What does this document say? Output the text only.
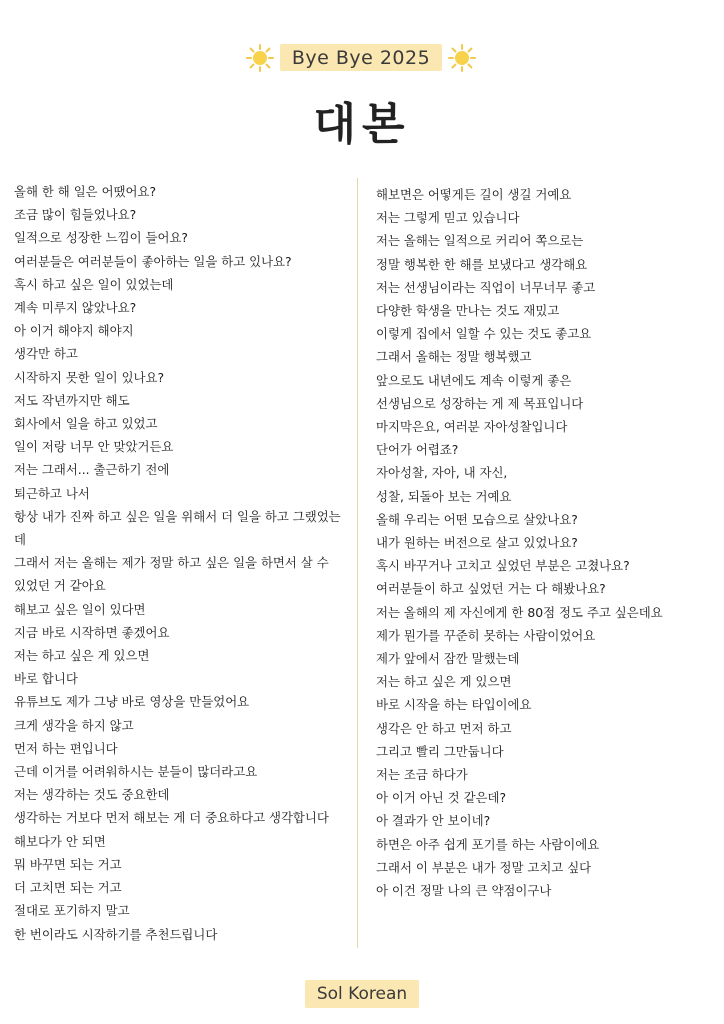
Bye Bye 2025
대본
올해 한 해 일은 어땠어요?
조금 많이 힘들었나요?
일적으로 성장한 느낌이 들어요?
여러분들은 여러분들이 좋아하는 일을 하고 있나요?
혹시 하고 싶은 일이 있었는데
계속 미루지 않았나요?
아 이거 해야지 해야지
생각만 하고
시작하지 못한 일이 있나요?
저도 작년까지만 해도
회사에서 일을 하고 있었고
일이 저랑 너무 안 맞았거든요
저는 그래서... 출근하기 전에
퇴근하고 나서
항상 내가 진짜 하고 싶은 일을 위해서 더 일을 하고 그랬었는데
그래서 저는 올해는 제가 정말 하고 싶은 일을 하면서 살 수 있었던 거 같아요
해보고 싶은 일이 있다면
지금 바로 시작하면 좋겠어요
저는 하고 싶은 게 있으면
바로 합니다
유튜브도 제가 그냥 바로 영상을 만들었어요
크게 생각을 하지 않고
먼저 하는 편입니다
근데 이거를 어려워하시는 분들이 많더라고요
저는 생각하는 것도 중요한데
생각하는 거보다 먼저 해보는 게 더 중요하다고 생각합니다
해보다가 안 되면
뭐 바꾸면 되는 거고
더 고치면 되는 거고
절대로 포기하지 말고
한 번이라도 시작하기를 추천드립니다
해보면은 어떻게든 길이 생길 거예요
저는 그렇게 믿고 있습니다
저는 올해는 일적으로 커리어 쪽으로는
정말 행복한 한 해를 보냈다고 생각해요
저는 선생님이라는 직업이 너무너무 좋고
다양한 학생을 만나는 것도 재밌고
이렇게 집에서 일할 수 있는 것도 좋고요
그래서 올해는 정말 행복했고
앞으로도 내년에도 계속 이렇게 좋은
선생님으로 성장하는 게 제 목표입니다
마지막은요, 여러분 자아성찰입니다
단어가 어렵죠?
자아성찰, 자아, 내 자신,
성찰, 되돌아 보는 거예요
올해 우리는 어떤 모습으로 살았나요?
내가 원하는 버전으로 살고 있었나요?
혹시 바꾸거나 고치고 싶었던 부분은 고쳤나요?
여러분들이 하고 싶었던 거는 다 해봤나요?
저는 올해의 제 자신에게 한 80점 정도 주고 싶은데요
제가 뭔가를 꾸준히 못하는 사람이었어요
제가 앞에서 잠깐 말했는데
저는 하고 싶은 게 있으면
바로 시작을 하는 타입이에요
생각은 안 하고 먼저 하고
그리고 빨리 그만둡니다
저는 조금 하다가
아 이거 아닌 것 같은데?
아 결과가 안 보이네?
하면은 아주 쉽게 포기를 하는 사람이에요
그래서 이 부분은 내가 정말 고치고 싶다
아 이건 정말 나의 큰 약점이구나
Sol Korean
